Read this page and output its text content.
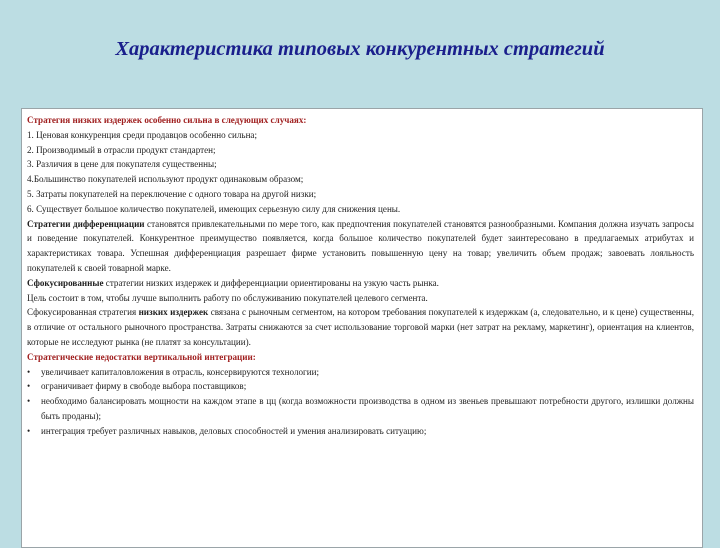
Характеристика типовых конкурентных стратегий

Стратегия низких издержек особенно сильна в следующих случаях:

1. Ценовая конкуренция среди продавцов особенно сильна;

2. Производимый в отрасли продукт стандартен;

3. Различия в цене для покупателя существенны;

4.Большинство покупателей используют продукт одинаковым образом;

5. Затраты покупателей на переключение с одного товара на другой низки;

6. Существует большое количество покупателей, имеющих серьезную силу для снижения цены.

Стратегии дифференциации становятся привлекательными по мере того, как предпочтения покупателей становятся разнообразными. Компания должна изучать запросы и поведение покупателей. Конкурентное преимущество появляется, когда большое количество покупателей будет заинтересовано в предлагаемых атрибутах и характеристиках товара. Успешная дифференциация разрешает фирме установить повышенную цену на товар; увеличить объем продаж; завоевать лояльность покупателей к своей товарной марке.

Сфокусированные стратегии низких издержек и дифференциации ориентированы на узкую часть рынка.

Цель состоит в том, чтобы лучше выполнить работу по обслуживанию покупателей целевого сегмента.

Сфокусированная стратегия низких издержек связана с рыночным сегментом, на котором требования покупателей к издержкам (а, следовательно, и к цене) существенны, в отличие от остального рыночного пространства. Затраты снижаются за счет использование торговой марки (нет затрат на рекламу, маркетинг), ориентация на клиентов, которые не исследуют рынка (не платят за консультации).

Стратегические недостатки вертикальной интеграции:

•	увеличивает капиталовложения в отрасль, консервируются технологии;
•	ограничивает фирму в свободе выбора поставщиков;
•	необходимо балансировать мощности на каждом этапе в цц (когда возможности производства в одном из звеньев превышают потребности другого, излишки должны быть проданы);
•	интеграция требует различных навыков, деловых способностей и умения анализировать ситуацию;
